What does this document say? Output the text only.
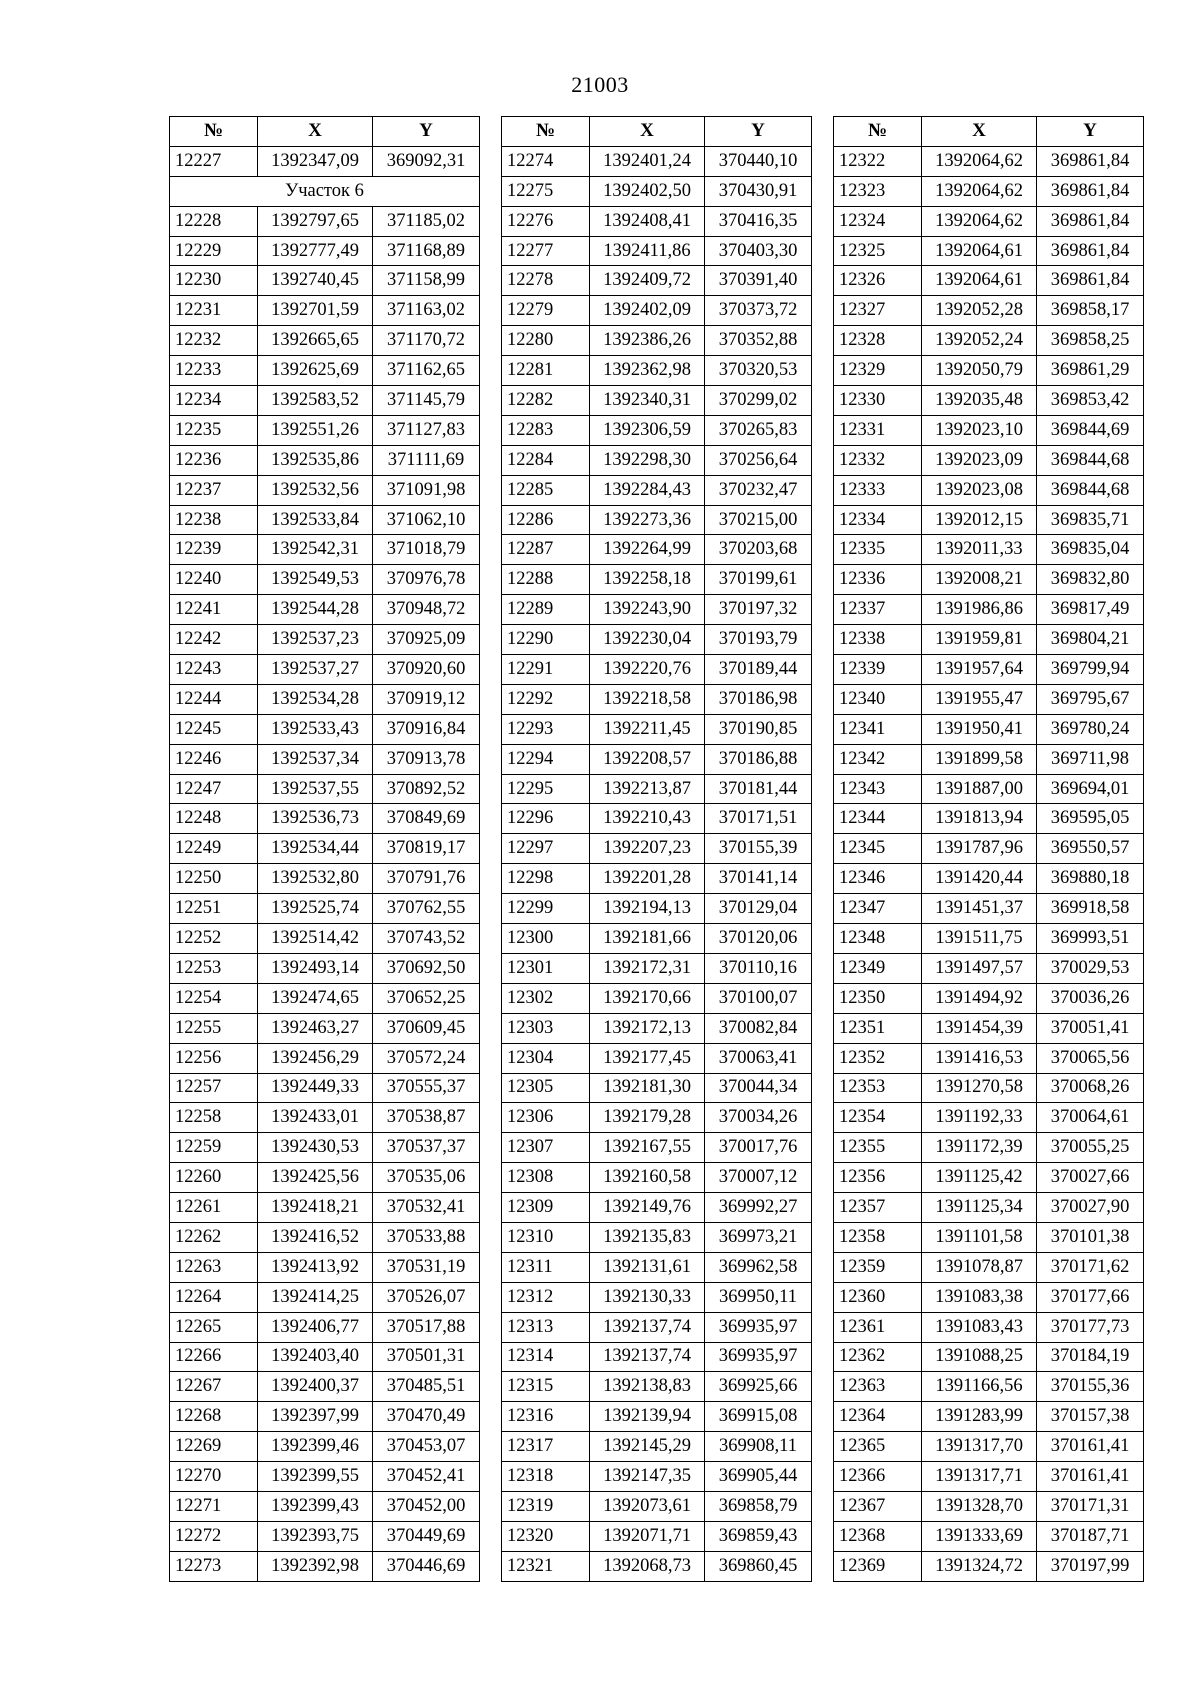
21003
№	X	Y
12227	1392347,09	369092,31
Участок 6		
12228	1392797,65	371185,02
12229	1392777,49	371168,89
12230	1392740,45	371158,99
12231	1392701,59	371163,02
12232	1392665,65	371170,72
12233	1392625,69	371162,65
12234	1392583,52	371145,79
12235	1392551,26	371127,83
12236	1392535,86	371111,69
12237	1392532,56	371091,98
12238	1392533,84	371062,10
12239	1392542,31	371018,79
12240	1392549,53	370976,78
12241	1392544,28	370948,72
12242	1392537,23	370925,09
12243	1392537,27	370920,60
12244	1392534,28	370919,12
12245	1392533,43	370916,84
12246	1392537,34	370913,78
12247	1392537,55	370892,52
12248	1392536,73	370849,69
12249	1392534,44	370819,17
12250	1392532,80	370791,76
12251	1392525,74	370762,55
12252	1392514,42	370743,52
12253	1392493,14	370692,50
12254	1392474,65	370652,25
12255	1392463,27	370609,45
12256	1392456,29	370572,24
12257	1392449,33	370555,37
12258	1392433,01	370538,87
12259	1392430,53	370537,37
12260	1392425,56	370535,06
12261	1392418,21	370532,41
12262	1392416,52	370533,88
12263	1392413,92	370531,19
12264	1392414,25	370526,07
12265	1392406,77	370517,88
12266	1392403,40	370501,31
12267	1392400,37	370485,51
12268	1392397,99	370470,49
12269	1392399,46	370453,07
12270	1392399,55	370452,41
12271	1392399,43	370452,00
12272	1392393,75	370449,69
12273	1392392,98	370446,69
№	X	Y
12274	1392401,24	370440,10
12275	1392402,50	370430,91
12276	1392408,41	370416,35
12277	1392411,86	370403,30
12278	1392409,72	370391,40
12279	1392402,09	370373,72
12280	1392386,26	370352,88
12281	1392362,98	370320,53
12282	1392340,31	370299,02
12283	1392306,59	370265,83
12284	1392298,30	370256,64
12285	1392284,43	370232,47
12286	1392273,36	370215,00
12287	1392264,99	370203,68
12288	1392258,18	370199,61
12289	1392243,90	370197,32
12290	1392230,04	370193,79
12291	1392220,76	370189,44
12292	1392218,58	370186,98
12293	1392211,45	370190,85
12294	1392208,57	370186,88
12295	1392213,87	370181,44
12296	1392210,43	370171,51
12297	1392207,23	370155,39
12298	1392201,28	370141,14
12299	1392194,13	370129,04
12300	1392181,66	370120,06
12301	1392172,31	370110,16
12302	1392170,66	370100,07
12303	1392172,13	370082,84
12304	1392177,45	370063,41
12305	1392181,30	370044,34
12306	1392179,28	370034,26
12307	1392167,55	370017,76
12308	1392160,58	370007,12
12309	1392149,76	369992,27
12310	1392135,83	369973,21
12311	1392131,61	369962,58
12312	1392130,33	369950,11
12313	1392137,74	369935,97
12314	1392137,74	369935,97
12315	1392138,83	369925,66
12316	1392139,94	369915,08
12317	1392145,29	369908,11
12318	1392147,35	369905,44
12319	1392073,61	369858,79
12320	1392071,71	369859,43
12321	1392068,73	369860,45
№	X	Y
12322	1392064,62	369861,84
12323	1392064,62	369861,84
12324	1392064,62	369861,84
12325	1392064,61	369861,84
12326	1392064,61	369861,84
12327	1392052,28	369858,17
12328	1392052,24	369858,25
12329	1392050,79	369861,29
12330	1392035,48	369853,42
12331	1392023,10	369844,69
12332	1392023,09	369844,68
12333	1392023,08	369844,68
12334	1392012,15	369835,71
12335	1392011,33	369835,04
12336	1392008,21	369832,80
12337	1391986,86	369817,49
12338	1391959,81	369804,21
12339	1391957,64	369799,94
12340	1391955,47	369795,67
12341	1391950,41	369780,24
12342	1391899,58	369711,98
12343	1391887,00	369694,01
12344	1391813,94	369595,05
12345	1391787,96	369550,57
12346	1391420,44	369880,18
12347	1391451,37	369918,58
12348	1391511,75	369993,51
12349	1391497,57	370029,53
12350	1391494,92	370036,26
12351	1391454,39	370051,41
12352	1391416,53	370065,56
12353	1391270,58	370068,26
12354	1391192,33	370064,61
12355	1391172,39	370055,25
12356	1391125,42	370027,66
12357	1391125,34	370027,90
12358	1391101,58	370101,38
12359	1391078,87	370171,62
12360	1391083,38	370177,66
12361	1391083,43	370177,73
12362	1391088,25	370184,19
12363	1391166,56	370155,36
12364	1391283,99	370157,38
12365	1391317,70	370161,41
12366	1391317,71	370161,41
12367	1391328,70	370171,31
12368	1391333,69	370187,71
12369	1391324,72	370197,99
